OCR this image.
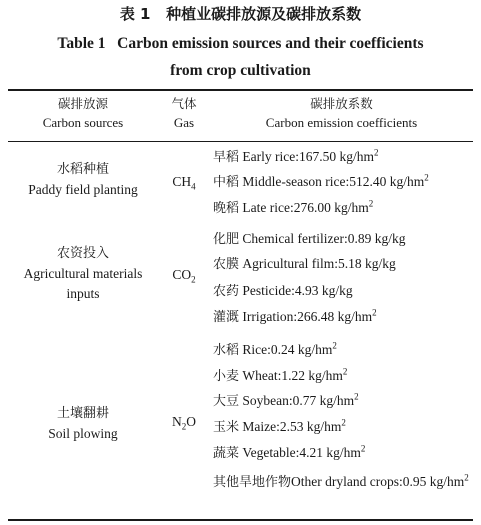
表 1 种植业碳排放源及碳排放系数
Table 1 Carbon emission sources and their coefficients
from crop cultivation
碳排放源
Carbon sources
气体
Gas
碳排放系数
Carbon emission coefficients
水稻种植
Paddy field planting
$CH_4$
早稻 Early rice:167.50 $kg/hm^2$
中稻 Middle-season rice:512.40 $kg/hm^2$
晚稻 Late rice:276.00 $kg/hm^2$
农资投入
Agricultural materials
inputs
$CO_2$
化肥 Chemical fertilizer:0.89 kg/kg
农膜 Agricultural film:5.18 kg/kg
农药 Pesticide:4.93 kg/kg
灌溉 Irrigation:266.48 $kg/hm^2$
土壤翻耕
Soil plowing
$N_2O$
水稻 Rice:0.24 $kg/hm^2$
小麦 Wheat:1.22 $kg/hm^2$
大豆 Soybean:0.77 $kg/hm^2$
玉米 Maize:2.53 $kg/hm^2$
蔬菜 Vegetable:4.21 $kg/hm^2$
其他旱地作物Other dryland crops:0.95 $kg/hm^2$
